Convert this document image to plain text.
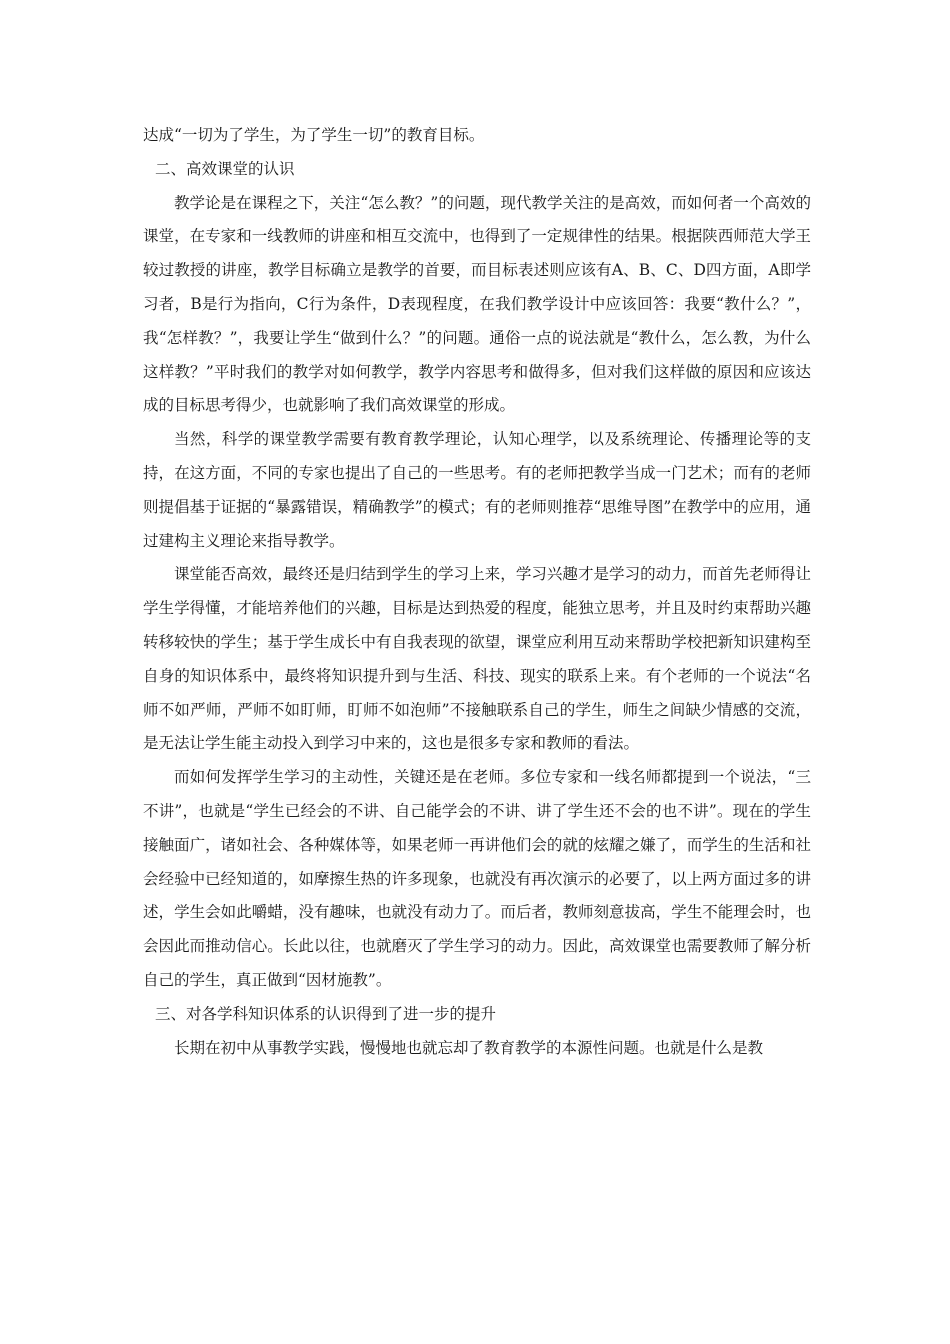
达成“一切为了学生，为了学生一切”的教育目标。

二、高效课堂的认识

教学论是在课程之下，关注“怎么教？”的问题，现代教学关注的是高效，而如何者一个高效的课堂，在专家和一线教师的讲座和相互交流中，也得到了一定规律性的结果。根据陕西师范大学王较过教授的讲座，教学目标确立是教学的首要，而目标表述则应该有A、B、C、D四方面，A即学习者，B是行为指向，C行为条件，D表现程度，在我们教学设计中应该回答：我要“教什么？”，我“怎样教？”，我要让学生“做到什么？”的问题。通俗一点的说法就是“教什么，怎么教，为什么这样教？”平时我们的教学对如何教学，教学内容思考和做得多，但对我们这样做的原因和应该达成的目标思考得少，也就影响了我们高效课堂的形成。

当然，科学的课堂教学需要有教育教学理论，认知心理学，以及系统理论、传播理论等的支持，在这方面，不同的专家也提出了自己的一些思考。有的老师把教学当成一门艺术；而有的老师则提倡基于证据的“暴露错误，精确教学”的模式；有的老师则推荐“思维导图”在教学中的应用，通过建构主义理论来指导教学。

课堂能否高效，最终还是归结到学生的学习上来，学习兴趣才是学习的动力，而首先老师得让学生学得懂，才能培养他们的兴趣，目标是达到热爱的程度，能独立思考，并且及时约束帮助兴趣转移较快的学生；基于学生成长中有自我表现的欲望，课堂应利用互动来帮助学校把新知识建构至自身的知识体系中，最终将知识提升到与生活、科技、现实的联系上来。有个老师的一个说法“名师不如严师，严师不如盯师，盯师不如泡师”不接触联系自己的学生，师生之间缺少情感的交流，是无法让学生能主动投入到学习中来的，这也是很多专家和教师的看法。

而如何发挥学生学习的主动性，关键还是在老师。多位专家和一线名师都提到一个说法，“三不讲”，也就是“学生已经会的不讲、自己能学会的不讲、讲了学生还不会的也不讲”。现在的学生接触面广，诸如社会、各种媒体等，如果老师一再讲他们会的就的炫耀之嫌了，而学生的生活和社会经验中已经知道的，如摩擦生热的许多现象，也就没有再次演示的必要了，以上两方面过多的讲述，学生会如此嚼蜡，没有趣味，也就没有动力了。而后者，教师刻意拔高，学生不能理会时，也会因此而推动信心。长此以往，也就磨灭了学生学习的动力。因此，高效课堂也需要教师了解分析自己的学生，真正做到“因材施教”。

三、对各学科知识体系的认识得到了进一步的提升

长期在初中从事教学实践，慢慢地也就忘却了教育教学的本源性问题。也就是什么是教
